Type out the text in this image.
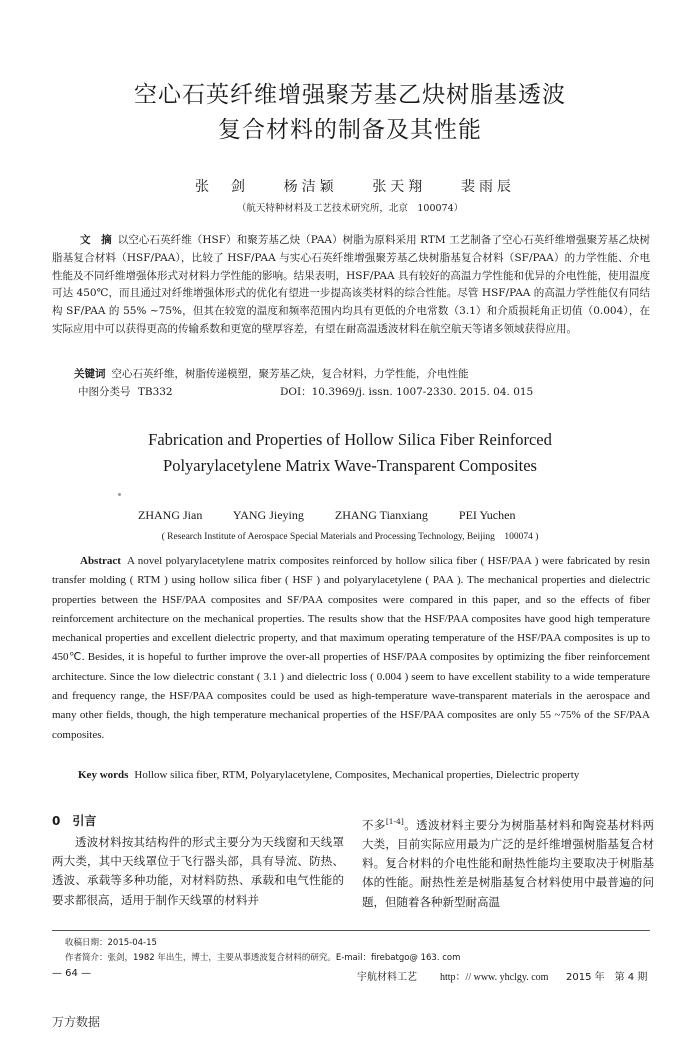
空心石英纤维增强聚芳基乙炔树脂基透波
复合材料的制备及其性能
张　剑 杨洁颖 张天翔 裴雨辰
（航天特种材料及工艺技术研究所，北京　100074）
文　摘 以空心石英纤维（HSF）和聚芳基乙炔（PAA）树脂为原料采用 RTM 工艺制备了空心石英纤维增强聚芳基乙炔树脂基复合材料（HSF/PAA），比较了 HSF/PAA 与实心石英纤维增强聚芳基乙炔树脂基复合材料（SF/PAA）的力学性能、介电性能及不同纤维增强体形式对材料力学性能的影响。结果表明，HSF/PAA 具有较好的高温力学性能和优异的介电性能，使用温度可达 450℃，而且通过对纤维增强体形式的优化有望进一步提高该类材料的综合性能。尽管 HSF/PAA 的高温力学性能仅有同结构 SF/PAA 的 55% ~75%，但其在较宽的温度和频率范围内均具有更低的介电常数（3.1）和介质损耗角正切值（0.004），在实际应用中可以获得更高的传输系数和更宽的壁厚容差，有望在耐高温透波材料在航空航天等诸多领域获得应用。
关键词 空心石英纤维，树脂传递模塑，聚芳基乙炔，复合材料，力学性能，介电性能
中图分类号 TB332	DOI：10.3969/j. issn. 1007-2330. 2015. 04. 015
Fabrication and Properties of Hollow Silica Fiber Reinforced
Polyarylacetylene Matrix Wave-Transparent Composites
ZHANG Jian	YANG Jieying	ZHANG Tianxiang	PEI Yuchen
( Research Institute of Aerospace Special Materials and Processing Technology, Beijing　100074 )
Abstract A novel polyarylacetylene matrix composites reinforced by hollow silica fiber ( HSF/PAA ) were fabricated by resin transfer molding ( RTM ) using hollow silica fiber ( HSF ) and polyarylacetylene ( PAA ). The mechanical properties and dielectric properties between the HSF/PAA composites and SF/PAA composites were compared in this paper, and so the effects of fiber reinforcement architecture on the mechanical properties. The results show that the HSF/PAA composites have good high temperature mechanical properties and excellent dielectric property, and that maximum operating temperature of the HSF/PAA composites is up to 450℃. Besides, it is hopeful to further improve the over-all properties of HSF/PAA composites by optimizing the fiber reinforcement architecture. Since the low dielectric constant ( 3.1 ) and dielectric loss ( 0.004 ) seem to have excellent stability to a wide temperature and frequency range, the HSF/PAA composites could be used as high-temperature wave-transparent materials in the aerospace and many other fields, though, the high temperature mechanical properties of the HSF/PAA composites are only 55 ~75% of the SF/PAA composites.
Key words Hollow silica fiber, RTM, Polyarylacetylene, Composites, Mechanical properties, Dielectric property
0　引言
透波材料按其结构件的形式主要分为天线窗和天线罩两大类，其中天线罩位于飞行器头部，具有导流、防热、透波、承载等多种功能，对材料防热、承载和电气性能的要求都很高，适用于制作天线罩的材料并
不多[1-4]。透波材料主要分为树脂基材料和陶瓷基材料两大类，目前实际应用最为广泛的是纤维增强树脂基复合材料。复合材料的介电性能和耐热性能均主要取决于树脂基体的性能。耐热性差是树脂基复合材料使用中最普遍的问题，但随着各种新型耐高温
收稿日期：2015-04-15
作者简介：张剑，1982 年出生，博士，主要从事透波复合材料的研究。E-mail：firebatgo@ 163. com
— 64 —	宇航材料工艺 http：// www. yhclgy. com 2015 年　第 4 期
万方数据
